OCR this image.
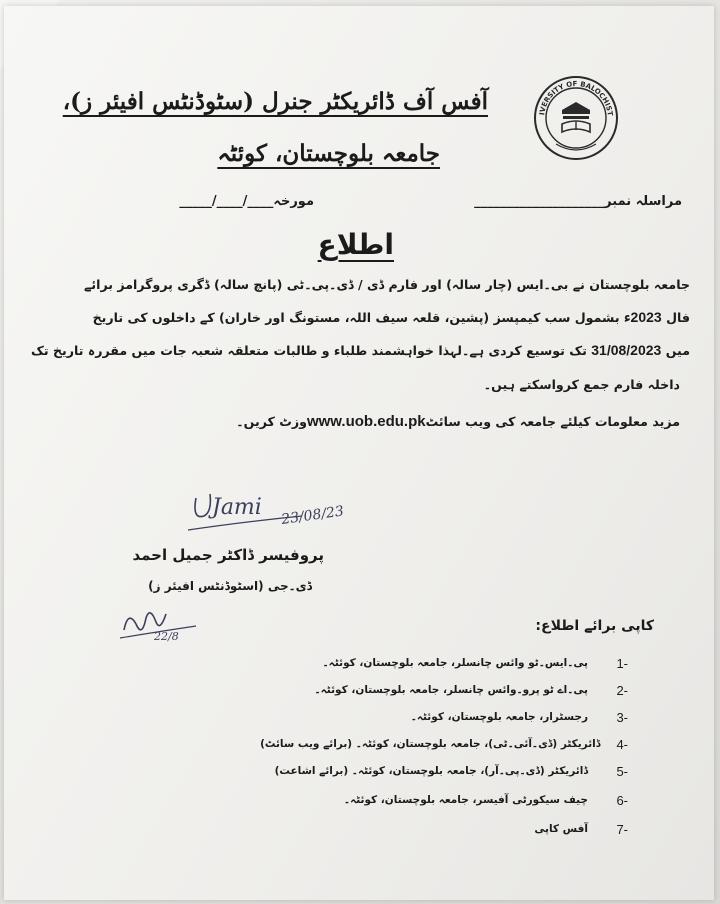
IVERSITY OF BALOCHIST
آفس آف ڈائریکٹر جنرل (سٹوڈنٹس افیئر ز)،
جامعہ بلوچستان، کوئٹہ
مراسلہ نمبر____________________
مورخہ____/____/_____
اطلاع
جامعہ بلوچستان نے بی۔ایس (چار سالہ) اور فارم ڈی / ڈی۔پی۔ٹی (پانچ سالہ) ڈگری پروگرامز برائے
فال 2023ء بشمول سب کیمپسز (پشین، قلعہ سیف اللہ، مستونگ اور خاران) کے داخلوں کی تاریخ
میں 31/08/2023 تک توسیع کردی ہے۔لہذا خواہشمند طلباء و طالبات متعلقہ شعبہ جات میں مقررہ تاریخ تک
داخلہ فارم جمع کرواسکتے ہیں۔
مزید معلومات کیلئے جامعہ کی ویب سائٹwww.uob.edu.pkوزٹ کریں۔
Jami 23/08/23
پروفیسر ڈاکٹر جمیل احمد
ڈی۔جی (اسٹوڈنٹس افیئر ز)
22/8
کاپی برائے اطلاع:
1-
پی۔ایس۔ٹو وائس چانسلر، جامعہ بلوچستان، کوئٹہ۔
2-
پی۔اے ٹو پرو۔وائس چانسلر، جامعہ بلوچستان، کوئٹہ۔
3-
رجسٹرار، جامعہ بلوچستان، کوئٹہ۔
4-
ڈائریکٹر (ڈی۔آئی۔ٹی)، جامعہ بلوچستان، کوئٹہ۔ (برائے ویب سائٹ)
5-
ڈائریکٹر (ڈی۔پی۔آر)، جامعہ بلوچستان، کوئٹہ۔ (برائے اشاعت)
6-
چیف سیکورٹی آفیسر، جامعہ بلوچستان، کوئٹہ۔
7-
آفس کاپی
